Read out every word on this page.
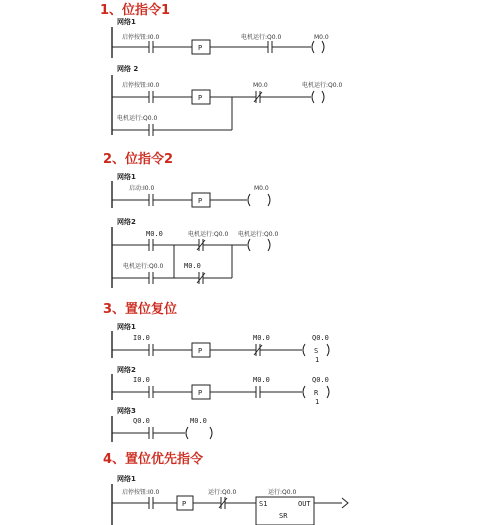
1、位指令1
网络1
启停按钮:I0.0
P
电机运行:Q0.0	M0.0
网络 2
启停按钮:I0.0
P
M0.0	电机运行:Q0.0
电机运行:Q0.0
2、位指令2
网络1
启动:I0.0
P
M0.0
网络2
M0.0	电机运行:Q0.0 电机运行:Q0.0
电机运行:Q0.0	M0.0
3、置位复位
网络1
I0.0
P
M0.0	Q0.0
S
1
网络2
I0.0
P
M0.0	Q0.0
R
1
网络3
Q0.0	M0.0
4、置位优先指令
网络1
启停按钮:I0.0
P
运行:Q0.0	运行:Q0.0
S1	OUT
SR
